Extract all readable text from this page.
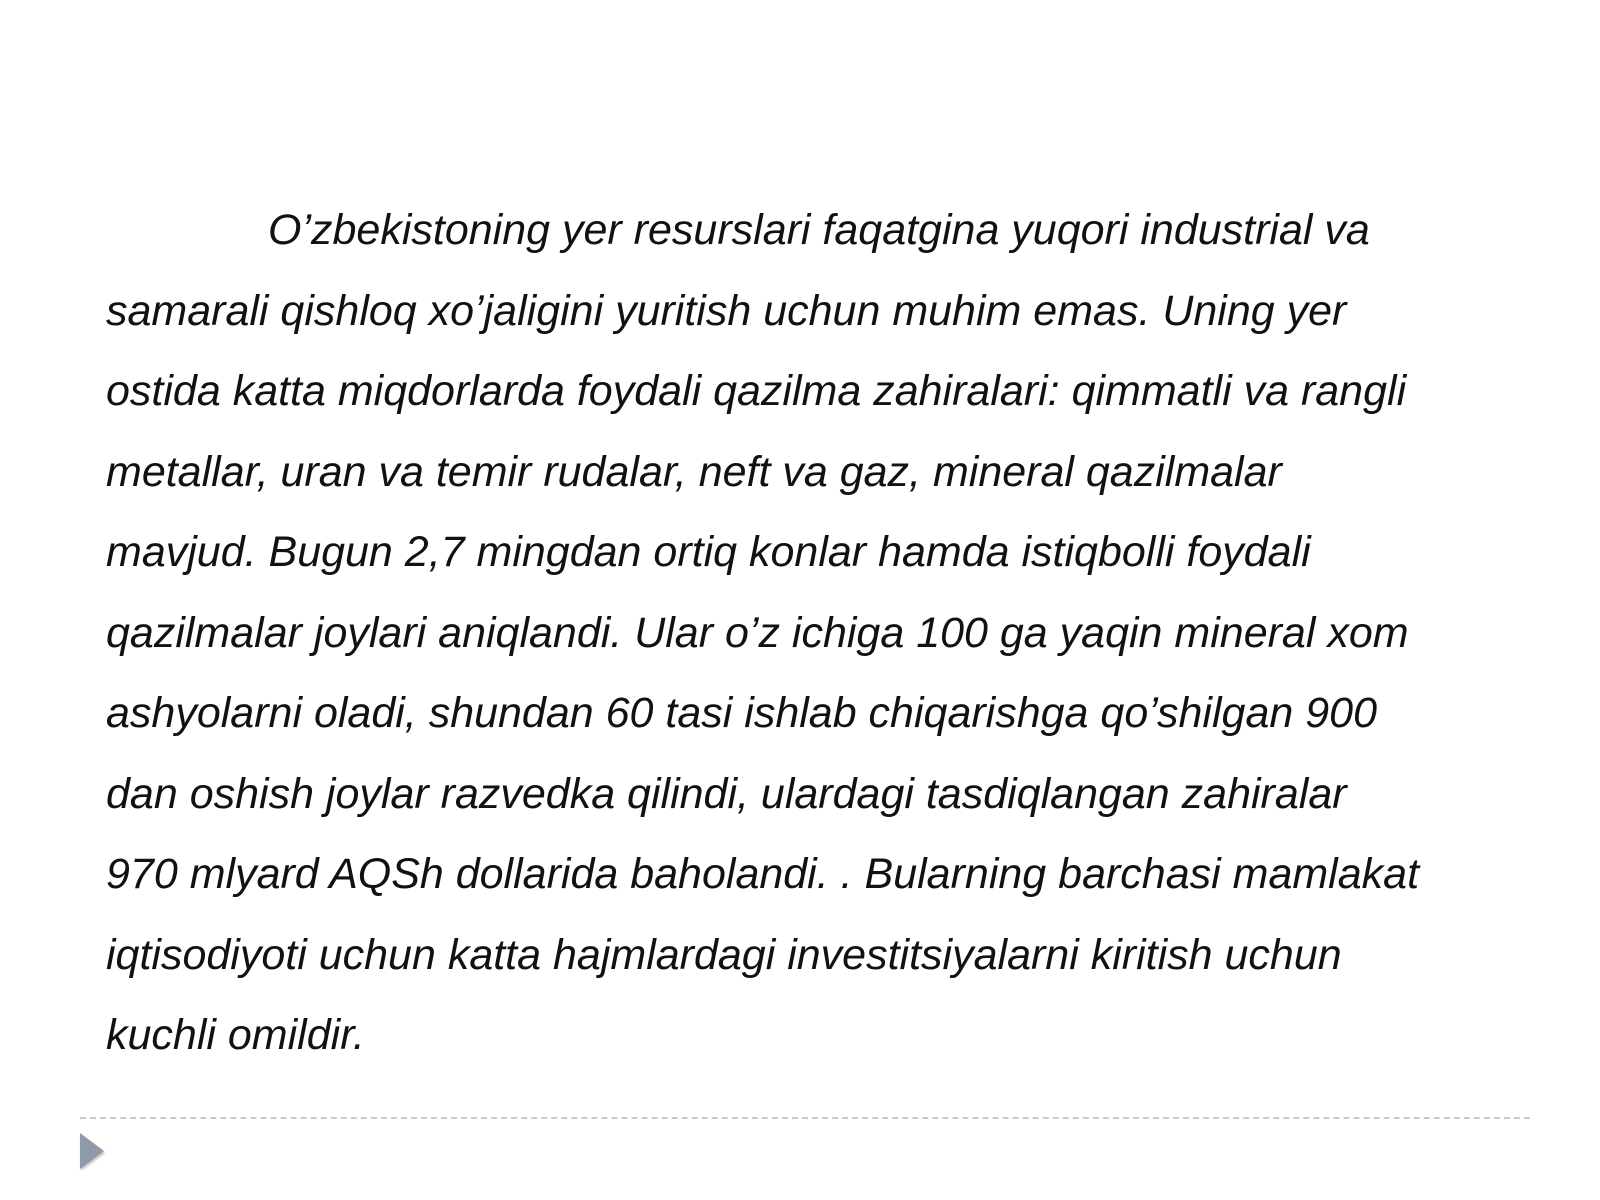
O’zbekistoning yer resurslari faqatgina yuqori industrial va
samarali qishloq xo’jaligini yuritish uchun muhim emas. Uning yer
ostida katta miqdorlarda foydali qazilma zahiralari: qimmatli va rangli
metallar, uran va temir rudalar, neft va gaz, mineral qazilmalar
mavjud. Bugun 2,7 mingdan ortiq konlar hamda istiqbolli foydali
qazilmalar joylari aniqlandi. Ular o’z ichiga 100 ga yaqin mineral xom
ashyolarni oladi, shundan 60 tasi ishlab chiqarishga qo’shilgan 900
dan oshish joylar razvedka qilindi, ulardagi tasdiqlangan zahiralar
970 mlyard AQSh dollarida baholandi. . Bularning barchasi mamlakat
iqtisodiyoti uchun katta hajmlardagi investitsiyalarni kiritish uchun
kuchli omildir.
